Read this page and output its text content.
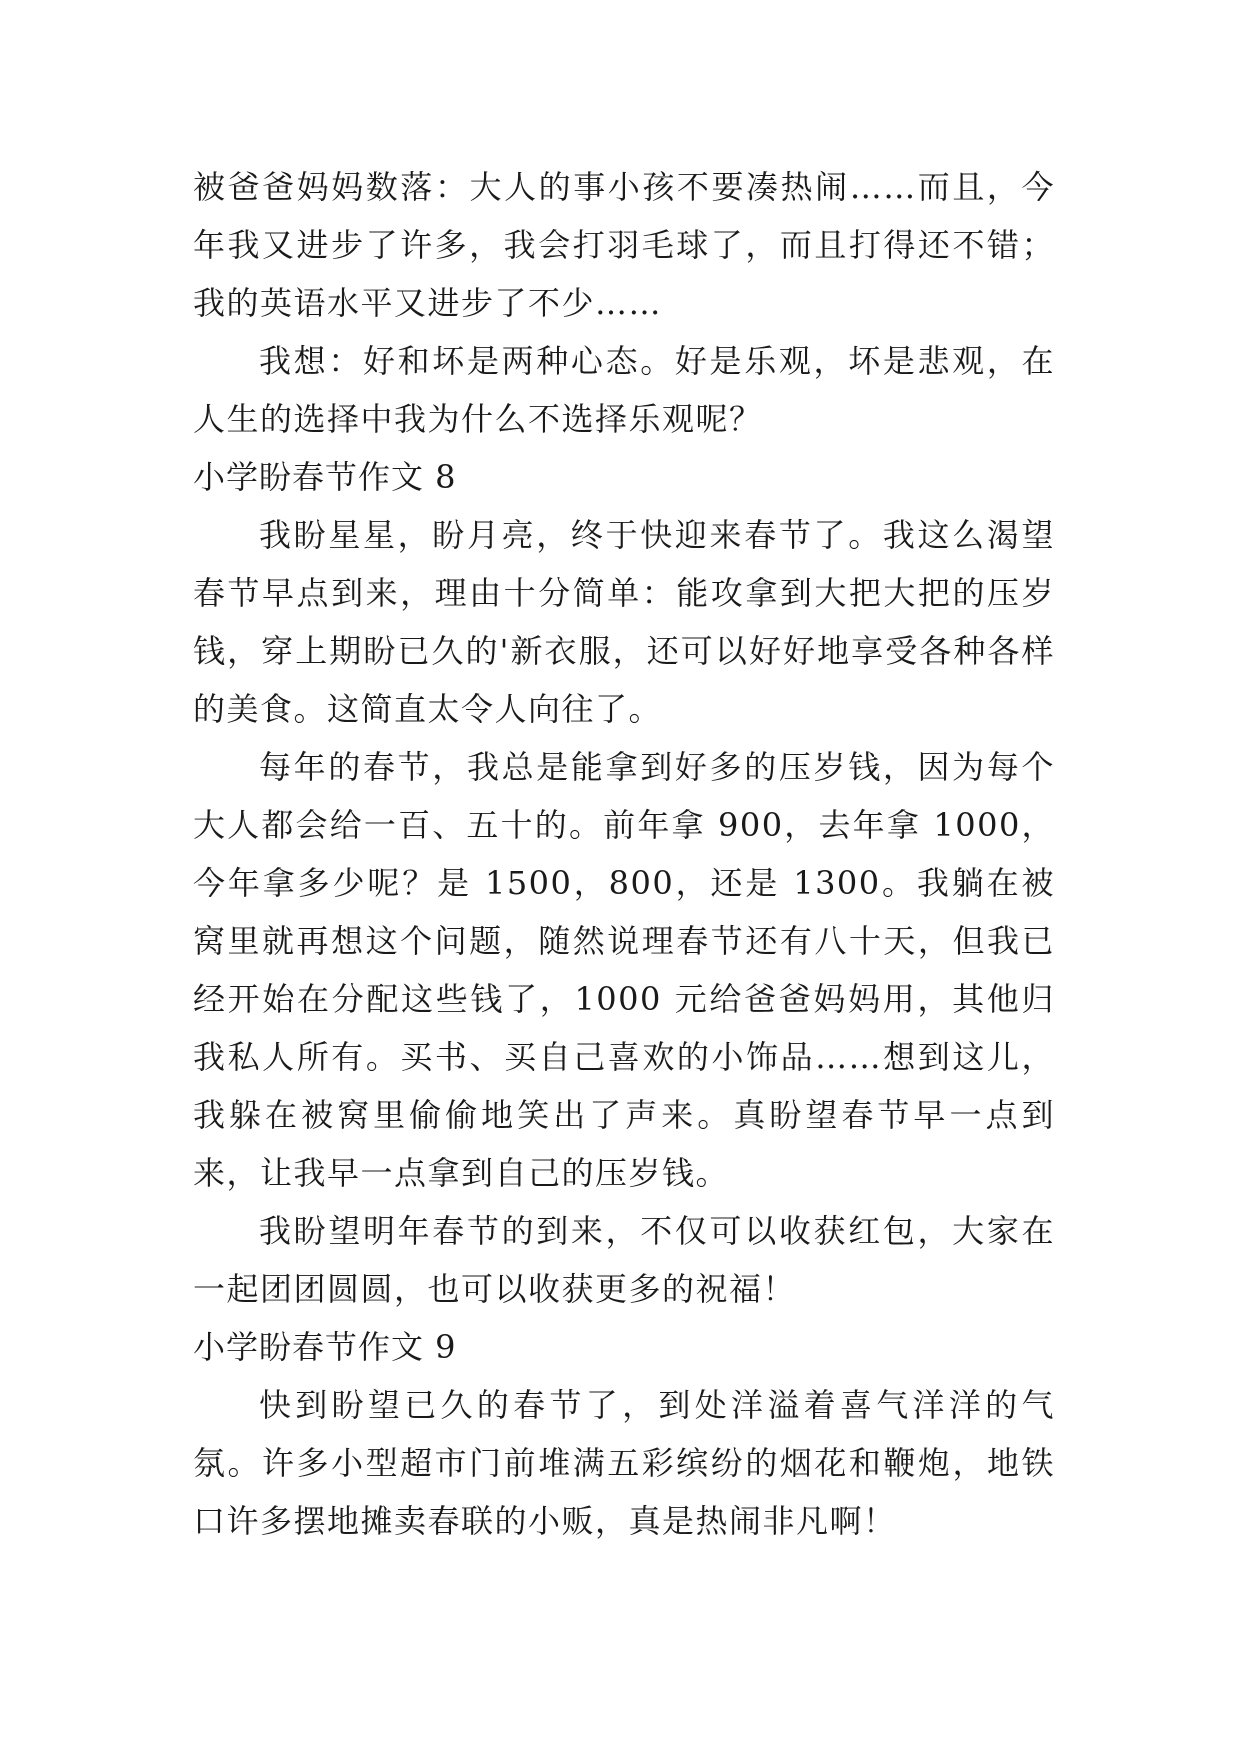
被爸爸妈妈数落：大人的事小孩不要凑热闹……而且，今年我又进步了许多，我会打羽毛球了，而且打得还不错；我的英语水平又进步了不少……

我想：好和坏是两种心态。好是乐观，坏是悲观，在人生的选择中我为什么不选择乐观呢？

小学盼春节作文 8

我盼星星，盼月亮，终于快迎来春节了。我这么渴望春节早点到来，理由十分简单：能攻拿到大把大把的压岁钱，穿上期盼已久的'新衣服，还可以好好地享受各种各样的美食。这简直太令人向往了。

每年的春节，我总是能拿到好多的压岁钱，因为每个大人都会给一百、五十的。前年拿 900，去年拿 1000，今年拿多少呢？是 1500，800，还是 1300。我躺在被窝里就再想这个问题，随然说理春节还有八十天，但我已经开始在分配这些钱了，1000 元给爸爸妈妈用，其他归我私人所有。买书、买自己喜欢的小饰品……想到这儿，我躲在被窝里偷偷地笑出了声来。真盼望春节早一点到来，让我早一点拿到自己的压岁钱。

我盼望明年春节的到来，不仅可以收获红包，大家在一起团团圆圆，也可以收获更多的祝福！

小学盼春节作文 9

快到盼望已久的春节了，到处洋溢着喜气洋洋的气氛。许多小型超市门前堆满五彩缤纷的烟花和鞭炮，地铁口许多摆地摊卖春联的小贩，真是热闹非凡啊！
